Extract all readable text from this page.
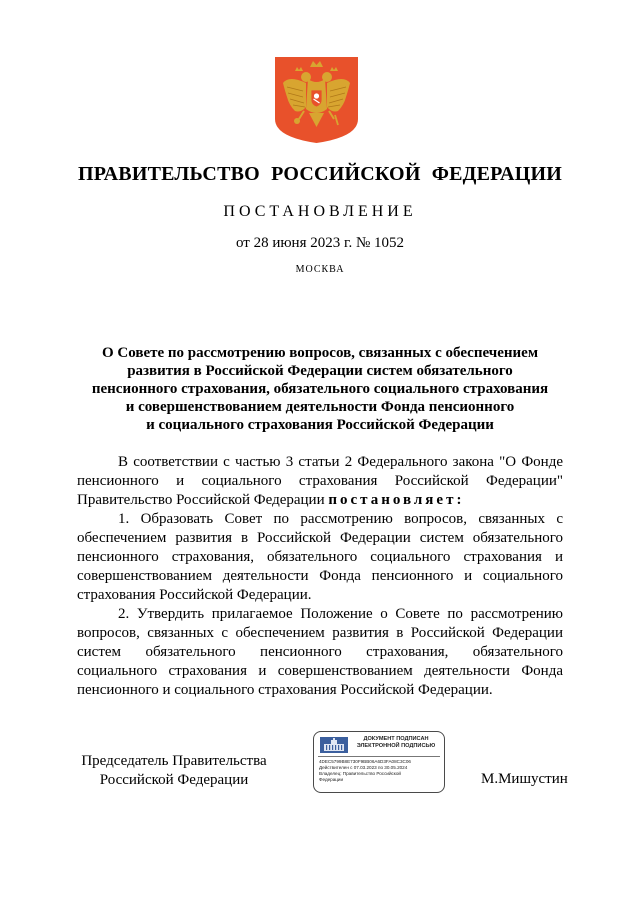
ПРАВИТЕЛЬСТВО РОССИЙСКОЙ ФЕДЕРАЦИИ
ПОСТАНОВЛЕНИЕ
от 28 июня 2023 г. № 1052
МОСКВА
О Совете по рассмотрению вопросов, связанных с обеспечением
развития в Российской Федерации систем обязательного
пенсионного страхования, обязательного социального страхования
и совершенствованием деятельности Фонда пенсионного
и социального страхования Российской Федерации

В соответствии с частью 3 статьи 2 Федерального закона "О Фонде пенсионного и социального страхования Российской Федерации" Правительство Российской Федерации постановляет:

1. Образовать Совет по рассмотрению вопросов, связанных с обеспечением развития в Российской Федерации систем обязательного пенсионного страхования, обязательного социального страхования и совершенствованием деятельности Фонда пенсионного и социального страхования Российской Федерации.

2. Утвердить прилагаемое Положение о Совете по рассмотрению вопросов, связанных с обеспечением развития в Российской Федерации систем обязательного пенсионного страхования, обязательного социального страхования и совершенствованием деятельности Фонда пенсионного и социального страхования Российской Федерации.

Председатель Правительства
Российской Федерации
ДОКУМЕНТ ПОДПИСАН
ЭЛЕКТРОННОЙ ПОДПИСЬЮ
4DEC5799B8E730F9BB06A6D3FA08C3C06
Действителен с 07.03.2023 по 30.05.2024
Владелец: Правительство Российской
Федерации	М.Мишустин
